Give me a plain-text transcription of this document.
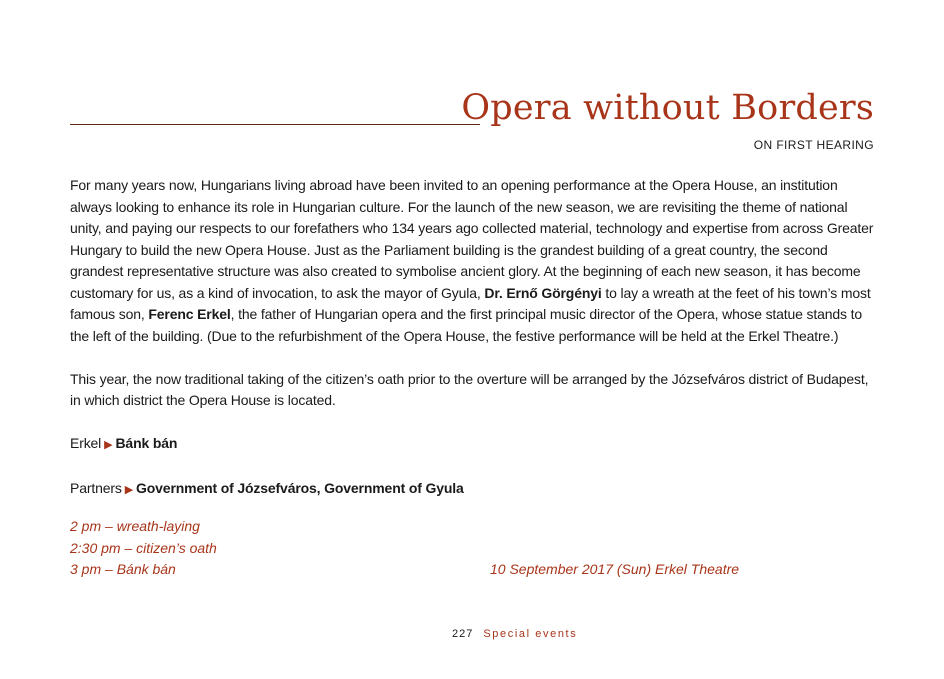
Opera without Borders
ON FIRST HEARING

For many years now, Hungarians living abroad have been invited to an opening performance at the Opera House, an institution always looking to enhance its role in Hungarian culture. For the launch of the new season, we are revisiting the theme of national unity, and paying our respects to our forefathers who 134 years ago collected material, technology and expertise from across Greater Hungary to build the new Opera House. Just as the Parliament building is the grandest building of a great country, the second grandest representative structure was also created to symbolise ancient glory. At the beginning of each new season, it has become customary for us, as a kind of invocation, to ask the mayor of Gyula, Dr. Ernő Görgényi to lay a wreath at the feet of his town’s most famous son, Ferenc Erkel, the father of Hungarian opera and the first principal music director of the Opera, whose statue stands to the left of the building. (Due to the refurbishment of the Opera House, the festive performance will be held at the Erkel Theatre.)

This year, the now traditional taking of the citizen’s oath prior to the overture will be arranged by the Józsefváros district of Budapest, in which district the Opera House is located.

Erkel ▶ Bánk bán

Partners ▶ Government of Józsefváros, Government of Gyula

2 pm – wreath-laying
2:30 pm – citizen’s oath
3 pm – Bánk bán	10 September 2017 (Sun) Erkel Theatre
227 Special events
